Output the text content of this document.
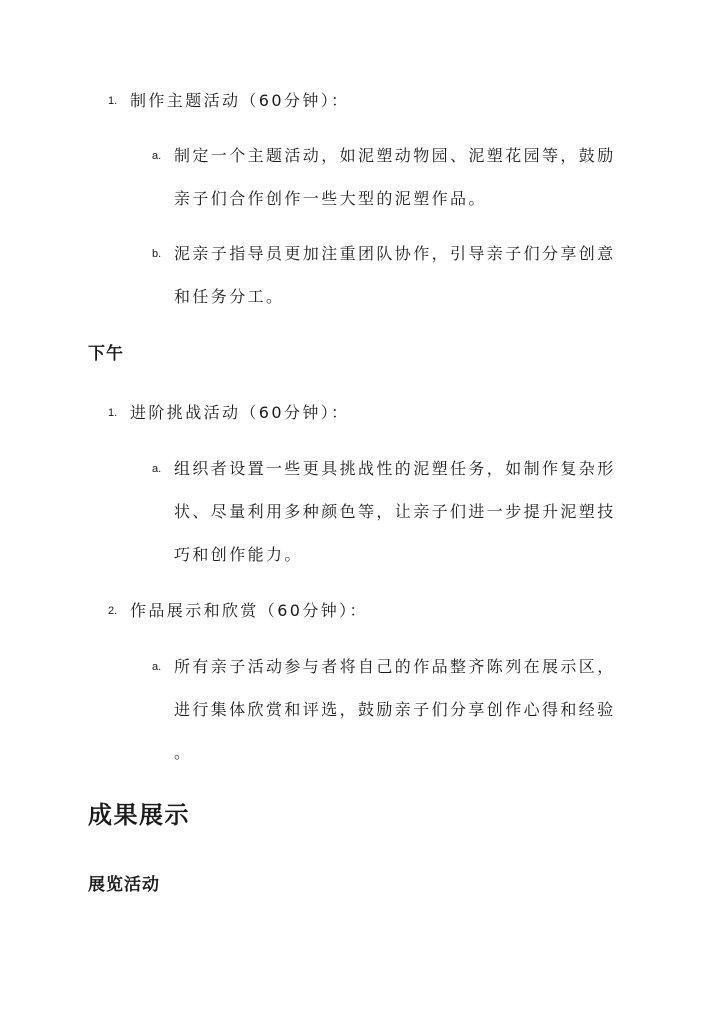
1. 制作主题活动（60分钟）：
a. 制定一个主题活动，如泥塑动物园、泥塑花园等，鼓励
亲子们合作创作一些大型的泥塑作品。
b. 泥亲子指导员更加注重团队协作，引导亲子们分享创意
和任务分工。
下午
1. 进阶挑战活动（60分钟）：
a. 组织者设置一些更具挑战性的泥塑任务，如制作复杂形
状、尽量利用多种颜色等，让亲子们进一步提升泥塑技
巧和创作能力。
2. 作品展示和欣赏（60分钟）：
a. 所有亲子活动参与者将自己的作品整齐陈列在展示区，
进行集体欣赏和评选，鼓励亲子们分享创作心得和经验
。
成果展示
展览活动
